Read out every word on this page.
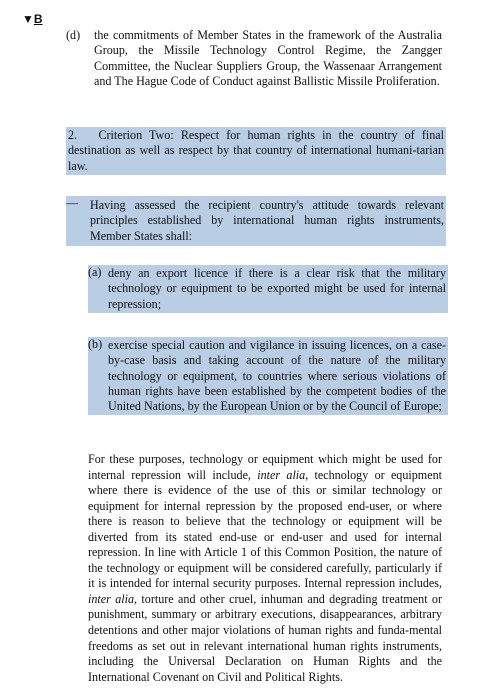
▼B
(d)	the commitments of Member States in the framework of the Australia Group, the Missile Technology Control Regime, the Zangger Committee, the Nuclear Suppliers Group, the Wassenaar Arrangement and The Hague Code of Conduct against Ballistic Missile Proliferation.
2. Criterion Two: Respect for human rights in the country of final destination as well as respect by that country of international humani-tarian law.
— Having assessed the recipient country's attitude towards relevant principles established by international human rights instruments, Member States shall:
(a) deny an export licence if there is a clear risk that the military technology or equipment to be exported might be used for internal repression;
(b) exercise special caution and vigilance in issuing licences, on a case-by-case basis and taking account of the nature of the military technology or equipment, to countries where serious violations of human rights have been established by the competent bodies of the United Nations, by the European Union or by the Council of Europe;
For these purposes, technology or equipment which might be used for internal repression will include, inter alia, technology or equipment where there is evidence of the use of this or similar technology or equipment for internal repression by the proposed end-user, or where there is reason to believe that the technology or equipment will be diverted from its stated end-use or end-user and used for internal repression. In line with Article 1 of this Common Position, the nature of the technology or equipment will be considered carefully, particularly if it is intended for internal security purposes. Internal repression includes, inter alia, torture and other cruel, inhuman and degrading treatment or punishment, summary or arbitrary executions, disappearances, arbitrary detentions and other major violations of human rights and funda-mental freedoms as set out in relevant international human rights instruments, including the Universal Declaration on Human Rights and the International Covenant on Civil and Political Rights.
